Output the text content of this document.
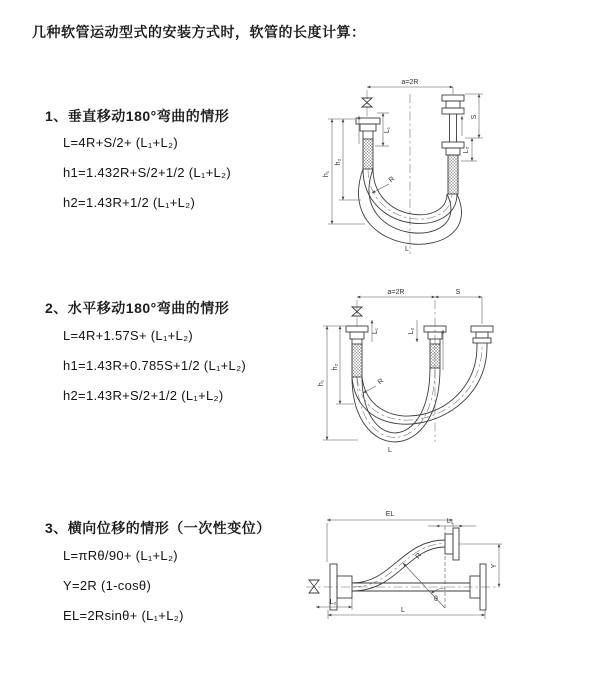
几种软管运动型式的安装方式时，软管的长度计算：
1、垂直移动180°弯曲的情形
L=4R+S/2+ (L₁+L₂)
h1=1.432R+S/2+1/2 (L₁+L₂)
h2=1.43R+1/2 (L₁+L₂)
a=2R
h₁
h₂
L₁
S
L₂
R
L
2、水平移动180°弯曲的情形
L=4R+1.57S+ (L₁+L₂)
h1=1.43R+0.785S+1/2 (L₁+L₂)
h2=1.43R+S/2+1/2 (L₁+L₂)
a=2R	S
h₁
h₂
L₁	L₂
R
L
3、横向位移的情形（一次性变位）
L=πRθ/90+ (L₁+L₂)
Y=2R (1-cosθ)
EL=2Rsinθ+ (L₁+L₂)
EL
L₁
Y
L₂
L
R
θ
